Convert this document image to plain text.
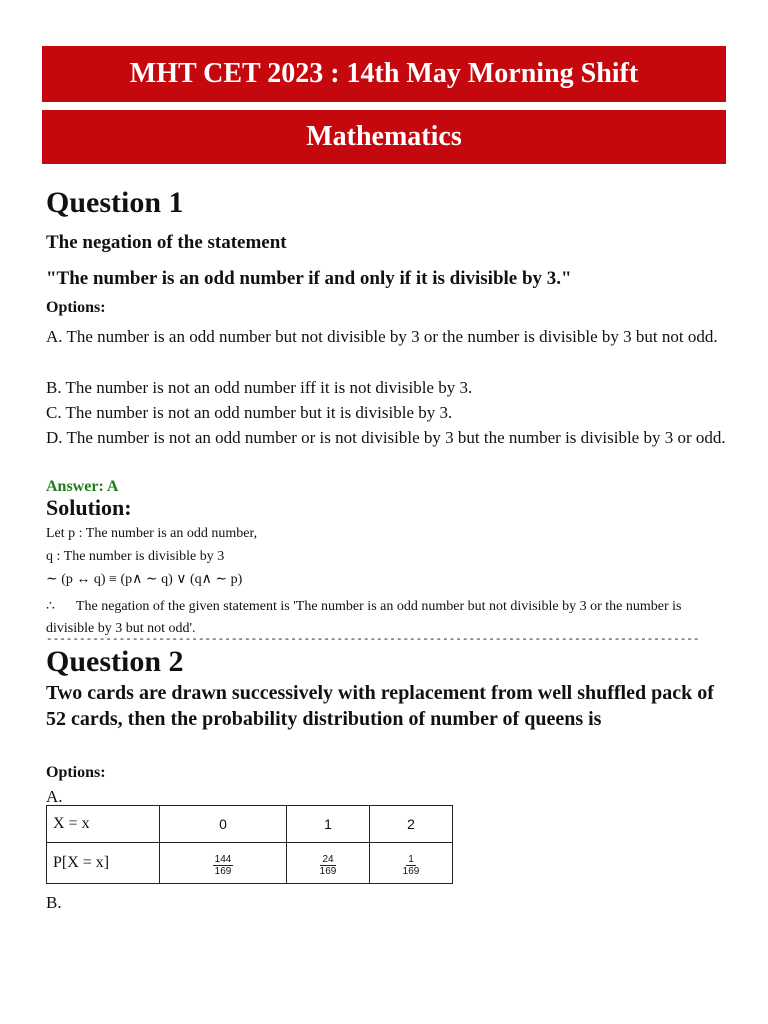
MHT CET 2023 : 14th May Morning Shift
Mathematics
Question 1
The negation of the statement
"The number is an odd number if and only if it is divisible by 3."
Options:
A. The number is an odd number but not divisible by 3 or the number is divisible by 3 but not odd.
B. The number is not an odd number iff it is not divisible by 3.
C. The number is not an odd number but it is divisible by 3.
D. The number is not an odd number or is not divisible by 3 but the number is divisible by 3 or odd.
Answer: A
Solution:
Let p : The number is an odd number,
q : The number is divisible by 3
∼ (p ↔ q) ≡ (p∧ ∼ q) ∨ (q∧ ∼ p)
∴ The negation of the given statement is 'The number is an odd number but not divisible by 3 or the number is divisible by 3 but not odd'.
---------------------------------------------------------------------------------------------------
Question 2
Two cards are drawn successively with replacement from well shuffled pack of 52 cards, then the probability distribution of number of queens is
Options:
A.
X = x	0	1	2
P[X = x]	$\frac{144}{169}$	$\frac{24}{169}$	$\frac{1}{169}$
B.
